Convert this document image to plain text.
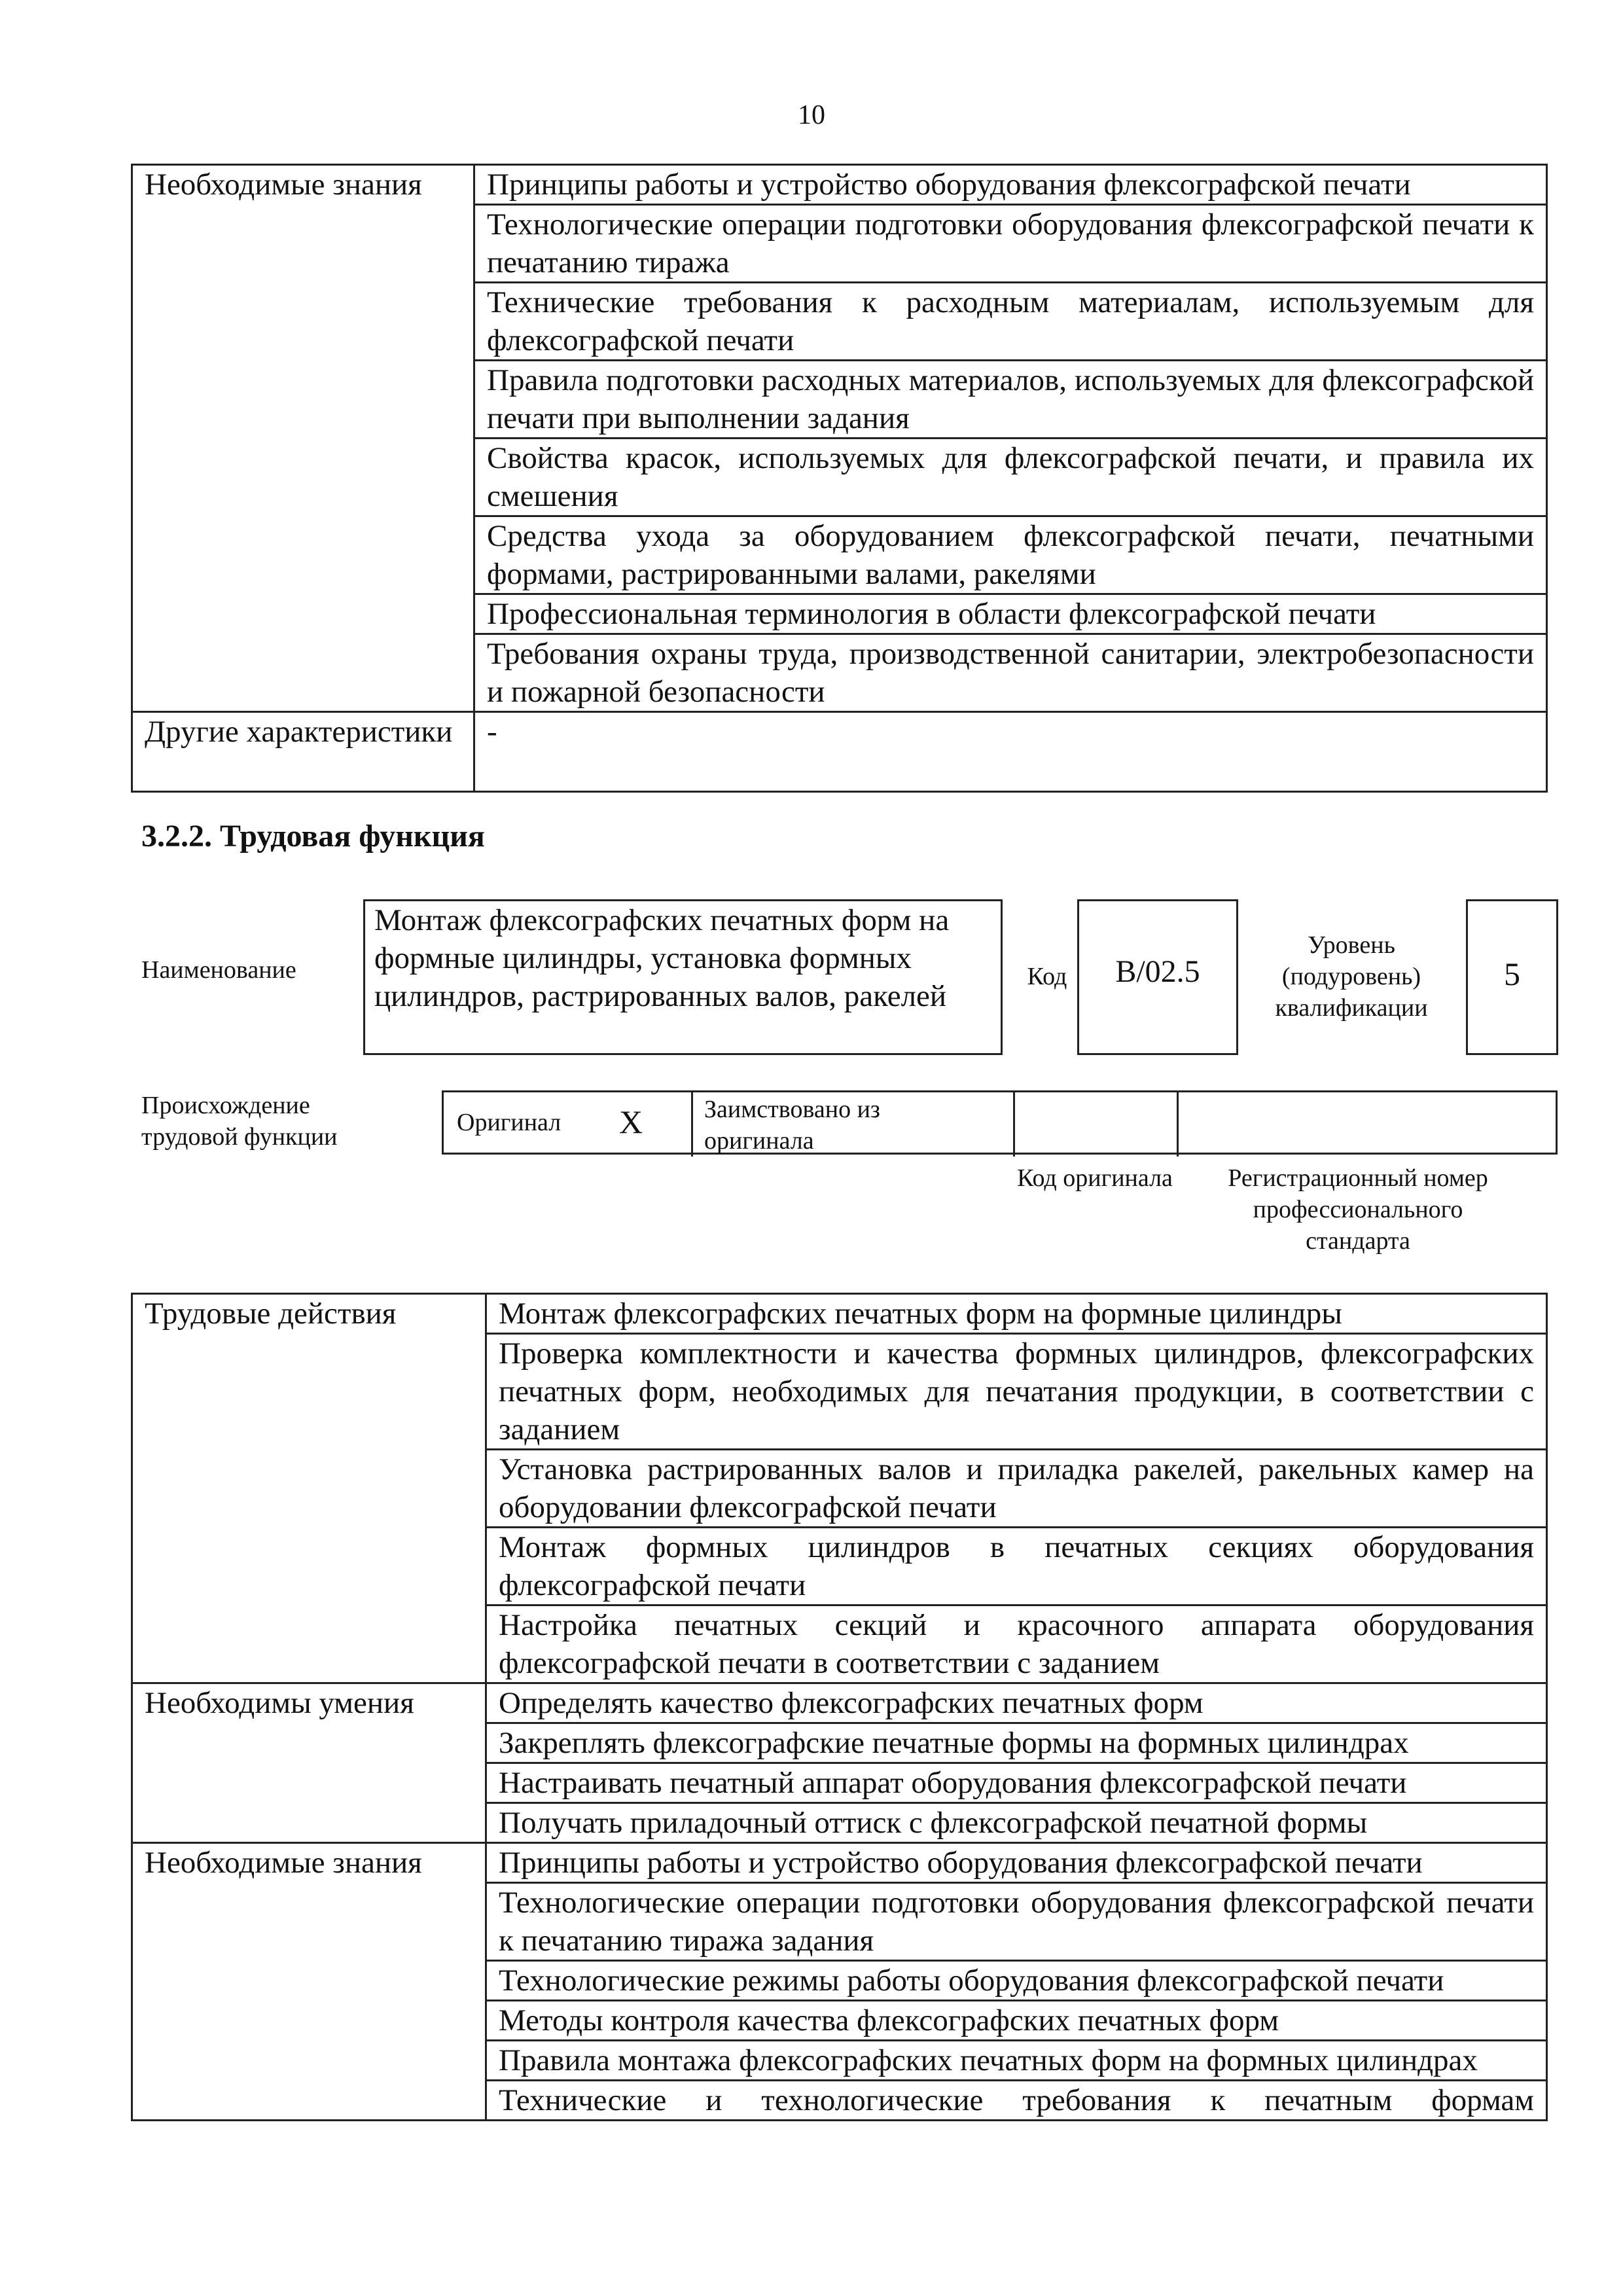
10
Необходимые знания	Принципы работы и устройство оборудования флексографской печати
	Технологические операции подготовки оборудования флексографской печати к печатанию тиража
	Технические требования к расходным материалам, используемым для флексографской печати
	Правила подготовки расходных материалов, используемых для флексографской печати при выполнении задания
	Свойства красок, используемых для флексографской печати, и правила их смешения
	Средства ухода за оборудованием флексографской печати, печатными формами, растрированными валами, ракелями
	Профессиональная терминология в области флексографской печати
	Требования охраны труда, производственной санитарии, электробезопасности и пожарной безопасности
Другие характеристики	-
3.2.2. Трудовая функция
Наименование
Монтаж флексографских печатных форм на формные цилиндры, установка формных цилиндров, растрированных валов, ракелей
Код	B/02.5
Уровень (подуровень) квалификации
5
Происхождение трудовой функции
Оригинал X Заимствовано из оригинала
Код оригинала	Регистрационный номер профессионального стандарта
Трудовые действия	Монтаж флексографских печатных форм на формные цилиндры
	Проверка комплектности и качества формных цилиндров, флексографских печатных форм, необходимых для печатания продукции, в соответствии с заданием
	Установка растрированных валов и приладка ракелей, ракельных камер на оборудовании флексографской печати
	Монтаж формных цилиндров в печатных секциях оборудования флексографской печати
	Настройка печатных секций и красочного аппарата оборудования флексографской печати в соответствии с заданием
Необходимы умения	Определять качество флексографских печатных форм
	Закреплять флексографские печатные формы на формных цилиндрах
	Настраивать печатный аппарат оборудования флексографской печати
	Получать приладочный оттиск с флексографской печатной формы
Необходимые знания	Принципы работы и устройство оборудования флексографской печати
	Технологические операции подготовки оборудования флексографской печати к печатанию тиража задания
	Технологические режимы работы оборудования флексографской печати
	Методы контроля качества флексографских печатных форм
	Правила монтажа флексографских печатных форм на формных цилиндрах
	Технические и технологические требования к печатным формам
